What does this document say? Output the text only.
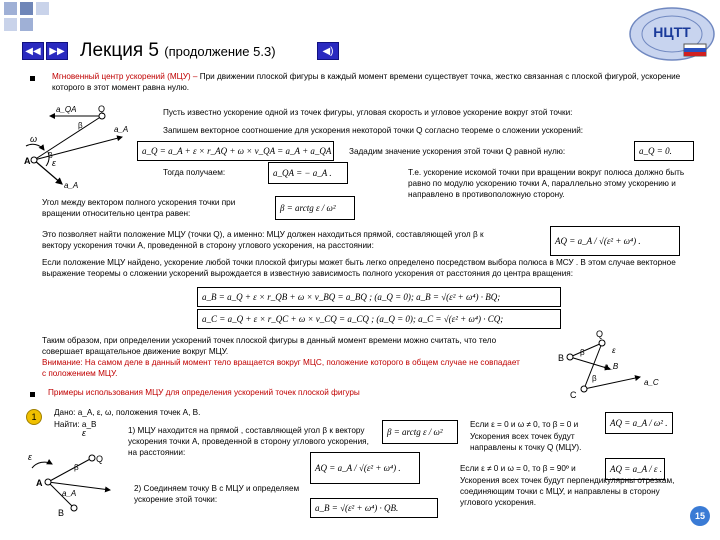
◀◀ ▶▶ Лекция 5 (продолжение 5.3)	◀)
НЦТТ
Мгновенный центр ускорений (МЦУ) – При движении плоской фигуры в каждый момент времени существует точка, жестко связанная с плоской фигурой, ускорение которого в этот момент равна нулю.
A
Q
a_A
a_QA
β
β
ω
ε
a_A
Пусть известно ускорение одной из точек фигуры, угловая скорость и угловое ускорение вокруг этой точки:
Запишем векторное соотношение для ускорения некоторой точки Q согласно теореме о сложении ускорений:
a_Q = a_A + ε × r_AQ + ω × v_QA = a_A + a_QA	Зададим значение ускорения этой точки Q равной нулю:	a_Q = 0.
Тогда получаем:	a_QA = − a_A .	Т.е. ускорение искомой точки при вращении вокруг полюса должно быть равно по модулю ускорению точки A, параллельно этому ускорению и направлено в противоположную сторону.
Угол между вектором полного ускорения точки при вращении относительно центра равен:
β = arctg ε / ω²
Это позволяет найти положение МЦУ (точки Q), а именно: МЦУ должен находиться прямой, составляющей угол β к вектору ускорения точки A, проведенной в сторону углового ускорения, на расстоянии:	AQ = a_A / √(ε² + ω⁴) .
Если положение МЦУ найдено, ускорение любой точки плоской фигуры может быть легко определено посредством выбора полюса в МСУ . В этом случае векторное выражение теоремы о сложении ускорений вырождается в известную зависимость полного ускорения от расстояния до центра вращения:
a_B = a_Q + ε × r_QB + ω × v_BQ = a_BQ ; (a_Q = 0); a_B = √(ε² + ω⁴) · BQ;
a_C = a_Q + ε × r_QC + ω × v_CQ = a_CQ ; (a_Q = 0); a_C = √(ε² + ω⁴) · CQ;
Таким образом, при определении ускорений точек плоской фигуры в данный момент времени можно считать, что тело совершает вращательное движение вокруг МЦУ.
Внимание: На самом деле в данный момент тело вращается вокруг МЦС, положение которого в общем случае не совпадает с положением МЦУ.
Q
B
C
a_B
a_C
β
β
ε
Примеры использования МЦУ для определения ускорений точек плоской фигуры
1	Дано: a_A, ε, ω, положения точек A, B.
Найти: a_B
A
Q
B
a_A
β
ε
ε	1) МЦУ находится на прямой , составляющей угол β к вектору ускорения точки A, проведенной в сторону углового ускорения, на расстоянии:
β = arctg ε / ω²
AQ = a_A / √(ε² + ω⁴) .
2) Соединяем точку B с МЦУ и определяем ускорение этой точки:
a_B = √(ε² + ω⁴) · QB.
Если ε = 0 и ω ≠ 0, то β = 0 и	AQ = a_A / ω² .
Ускорения всех точек будут направлены к точку Q (МЦУ).
Если ε ≠ 0 и ω = 0, то β = 90º и	AQ = a_A / ε .
Ускорения всех точек будут перпендикулярны отрезкам, соединяющим точки с МЦУ, и направлены в сторону углового ускорения.
15
